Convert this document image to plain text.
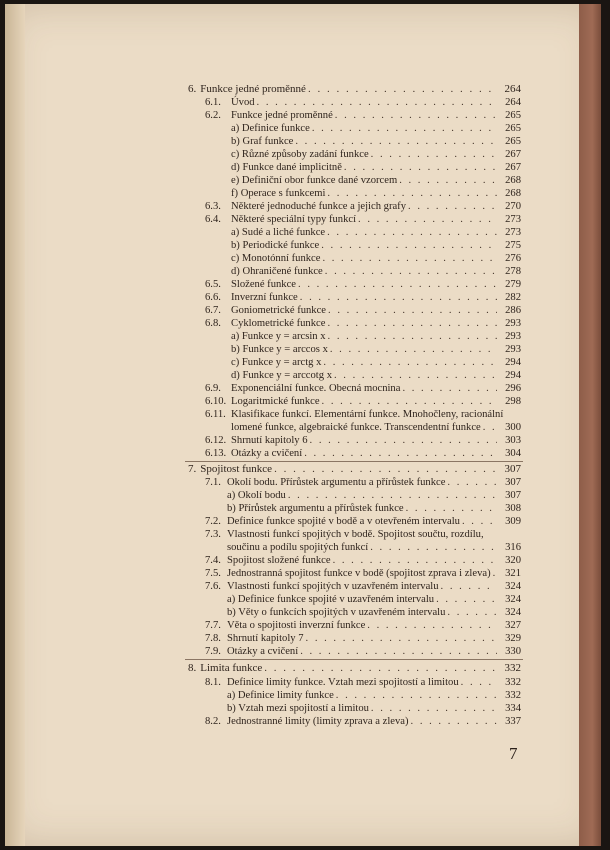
6. Funkce jedné proměnné . . .	264
6.1. Úvod . . .	264
6.2. Funkce jedné proměnné . . .	265
a) Definice funkce . . .	265
b) Graf funkce . . .	265
c) Různé způsoby zadání funkce . . .	267
d) Funkce dané implicitně . . .	267
e) Definiční obor funkce dané vzorcem . . .	268
f) Operace s funkcemi . . .	268
6.3. Některé jednoduché funkce a jejich grafy . . .	270
6.4. Některé speciální typy funkcí . . .	273
a) Sudé a liché funkce . . .	273
b) Periodické funkce . . .	275
c) Monotónní funkce . . .	276
d) Ohraničené funkce . . .	278
6.5. Složené funkce . . .	279
6.6. Inverzní funkce . . .	282
6.7. Goniometrické funkce . . .	286
6.8. Cyklometrické funkce . . .	293
a) Funkce y = arcsin x . . .	293
b) Funkce y = arccos x . . .	293
c) Funkce y = arctg x . . .	294
d) Funkce y = arccotg x . . .	294
6.9. Exponenciální funkce. Obecná mocnina . . .	296
6.10. Logaritmické funkce . . .	298
6.11. Klasifikace funkcí. Elementární funkce. Mnohočleny, racionální
lomené funkce, algebraické funkce. Transcendentní funkce . . .	300
6.12. Shrnutí kapitoly 6 . . .	303
6.13. Otázky a cvičení . . .	304
7. Spojitost funkce . . .	307
7.1. Okolí bodu. Přírůstek argumentu a přírůstek funkce . . .	307
a) Okolí bodu . . .	307
b) Přírůstek argumentu a přírůstek funkce . . .	308
7.2. Definice funkce spojité v bodě a v otevřeném intervalu . . .	309
7.3. Vlastnosti funkcí spojitých v bodě. Spojitost součtu, rozdílu,
součinu a podílu spojitých funkcí . . .	316
7.4. Spojitost složené funkce . . .	320
7.5. Jednostranná spojitost funkce v bodě (spojitost zprava i zleva) . . .	321
7.6. Vlastnosti funkcí spojitých v uzavřeném intervalu . . .	324
a) Definice funkce spojité v uzavřeném intervalu . . .	324
b) Věty o funkcích spojitých v uzavřeném intervalu . . .	324
7.7. Věta o spojitosti inverzní funkce . . .	327
7.8. Shrnutí kapitoly 7 . . .	329
7.9. Otázky a cvičení . . .	330
8. Limita funkce . . .	332
8.1. Definice limity funkce. Vztah mezi spojitostí a limitou . . .	332
a) Definice limity funkce . . .	332
b) Vztah mezi spojitostí a limitou . . .	334
8.2. Jednostranné limity (limity zprava a zleva) . . .	337
7
